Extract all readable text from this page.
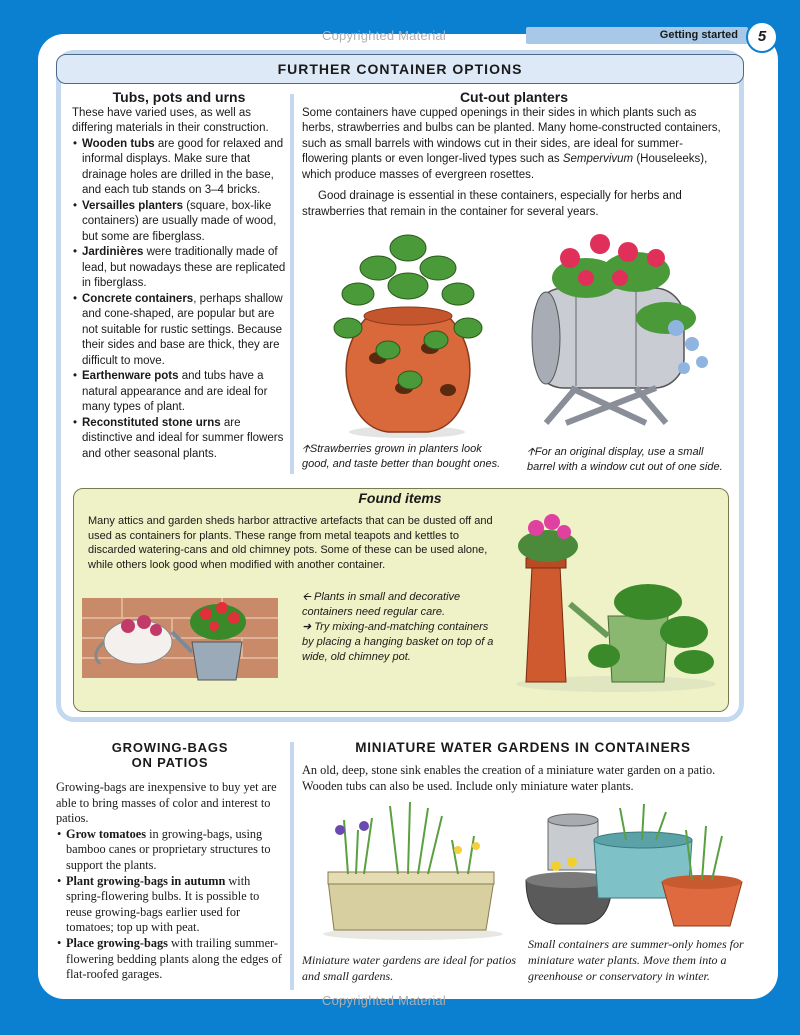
Getting started	5
Copyrighted Material
Copyrighted Material
FURTHER CONTAINER OPTIONS
Tubs, pots and urns
These have varied uses, as well as differing materials in their construction.
• Wooden tubs are good for relaxed and informal displays. Make sure that drainage holes are drilled in the base, and each tub stands on 3–4 bricks.
• Versailles planters (square, box-like containers) are usually made of wood, but some are fiberglass.
• Jardinières were traditionally made of lead, but nowadays these are replicated in fiberglass.
• Concrete containers, perhaps shallow and cone-shaped, are popular but are not suitable for rustic settings. Because their sides and base are thick, they are difficult to move.
• Earthenware pots and tubs have a natural appearance and are ideal for many types of plant.
• Reconstituted stone urns are distinctive and ideal for summer flowers and other seasonal plants.
Cut-out planters
Some containers have cupped openings in their sides in which plants such as herbs, strawberries and bulbs can be planted. Many home-constructed containers, such as small barrels with windows cut in their sides, are ideal for summer-flowering plants or even longer-lived types such as Sempervivum (Houseleeks), which produce masses of evergreen rosettes.
Good drainage is essential in these containers, especially for herbs and strawberries that remain in the container for several years.
🡩Strawberries grown in planters look good, and taste better than bought ones.
🡩For an original display, use a small barrel with a window cut out of one side.
Found items
Many attics and garden sheds harbor attractive artefacts that can be dusted off and used as containers for plants. These range from metal teapots and kettles to discarded watering-cans and old chimney pots. Some of these can be used alone, while others look good when modified with another container.
🡨 Plants in small and decorative containers need regular care.
➜ Try mixing-and-matching containers by placing a hanging basket on top of a wide, old chimney pot.
GROWING-BAGS
ON PATIOS
Growing-bags are inexpensive to buy yet are able to bring masses of color and interest to patios.
• Grow tomatoes in growing-bags, using bamboo canes or proprietary structures to support the plants.
• Plant growing-bags in autumn with spring-flowering bulbs. It is possible to reuse growing-bags earlier used for tomatoes; top up with peat.
• Place growing-bags with trailing summer-flowering bedding plants along the edges of flat-roofed garages.
MINIATURE WATER GARDENS IN CONTAINERS
An old, deep, stone sink enables the creation of a miniature water garden on a patio. Wooden tubs can also be used. Include only miniature water plants.
Miniature water gardens are ideal for patios and small gardens.
Small containers are summer-only homes for miniature water plants. Move them into a greenhouse or conservatory in winter.
